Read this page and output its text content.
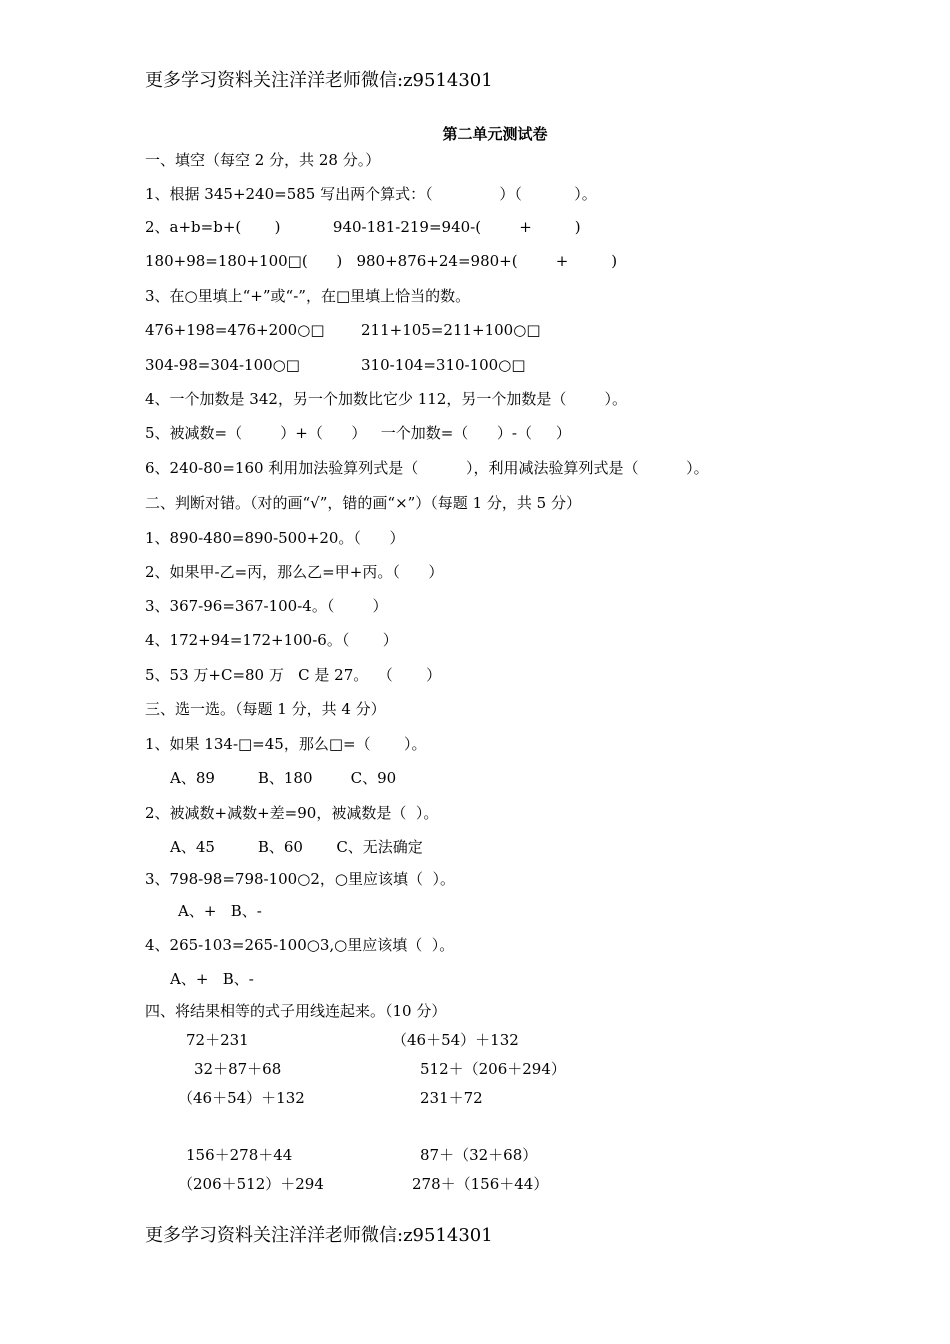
更多学习资料关注洋洋老师微信:z9514301
第二单元测试卷
一、填空（每空 2 分，共 28 分。）
1、根据 345+240=585 写出两个算式：（              ）（           ）。
2、a+b=b+(       )           940-181-219=940-(        +         )
180+98=180+100□(      )   980+876+24=980+(        +         )
3、在○里填上“+”或“-”，在□里填上恰当的数。
476+198=476+200○□ 211+105=211+100○□
304-98=304-100○□	310-104=310-100○□
4、一个加数是 342，另一个加数比它少 112，另一个加数是（        ）。
5、被减数=（        ）+（      ）   一个加数=（      ）-（     ）
6、240-80=160 利用加法验算列式是（          ），利用减法验算列式是（          ）。
二、判断对错。（对的画“√”，错的画“×”）（每题 1 分，共 5 分）
1、890-480=890-500+20。（      ）
2、如果甲-乙=丙，那么乙=甲+丙。（      ）
3、367-96=367-100-4。（        ）
4、172+94=172+100-6。（       ）
5、53 万+C=80 万   C 是 27。  （       ）
三、选一选。（每题 1 分，共 4 分）
1、如果 134-□=45，那么□=（       ）。
A、89         B、180        C、90
2、被减数+减数+差=90，被减数是（  ）。
A、45         B、60       C、无法确定
3、798-98=798-100○2，○里应该填（  ）。
A、+   B、-
4、265-103=265-100○3,○里应该填（  ）。
A、+   B、-
四、将结果相等的式子用线连起来。（10 分）
72＋231	（46＋54）＋132
32＋87＋68	512＋（206＋294）
（46＋54）＋132	231＋72
156＋278＋44	87＋（32＋68）
（206＋512）＋294	278＋（156＋44）
更多学习资料关注洋洋老师微信:z9514301
